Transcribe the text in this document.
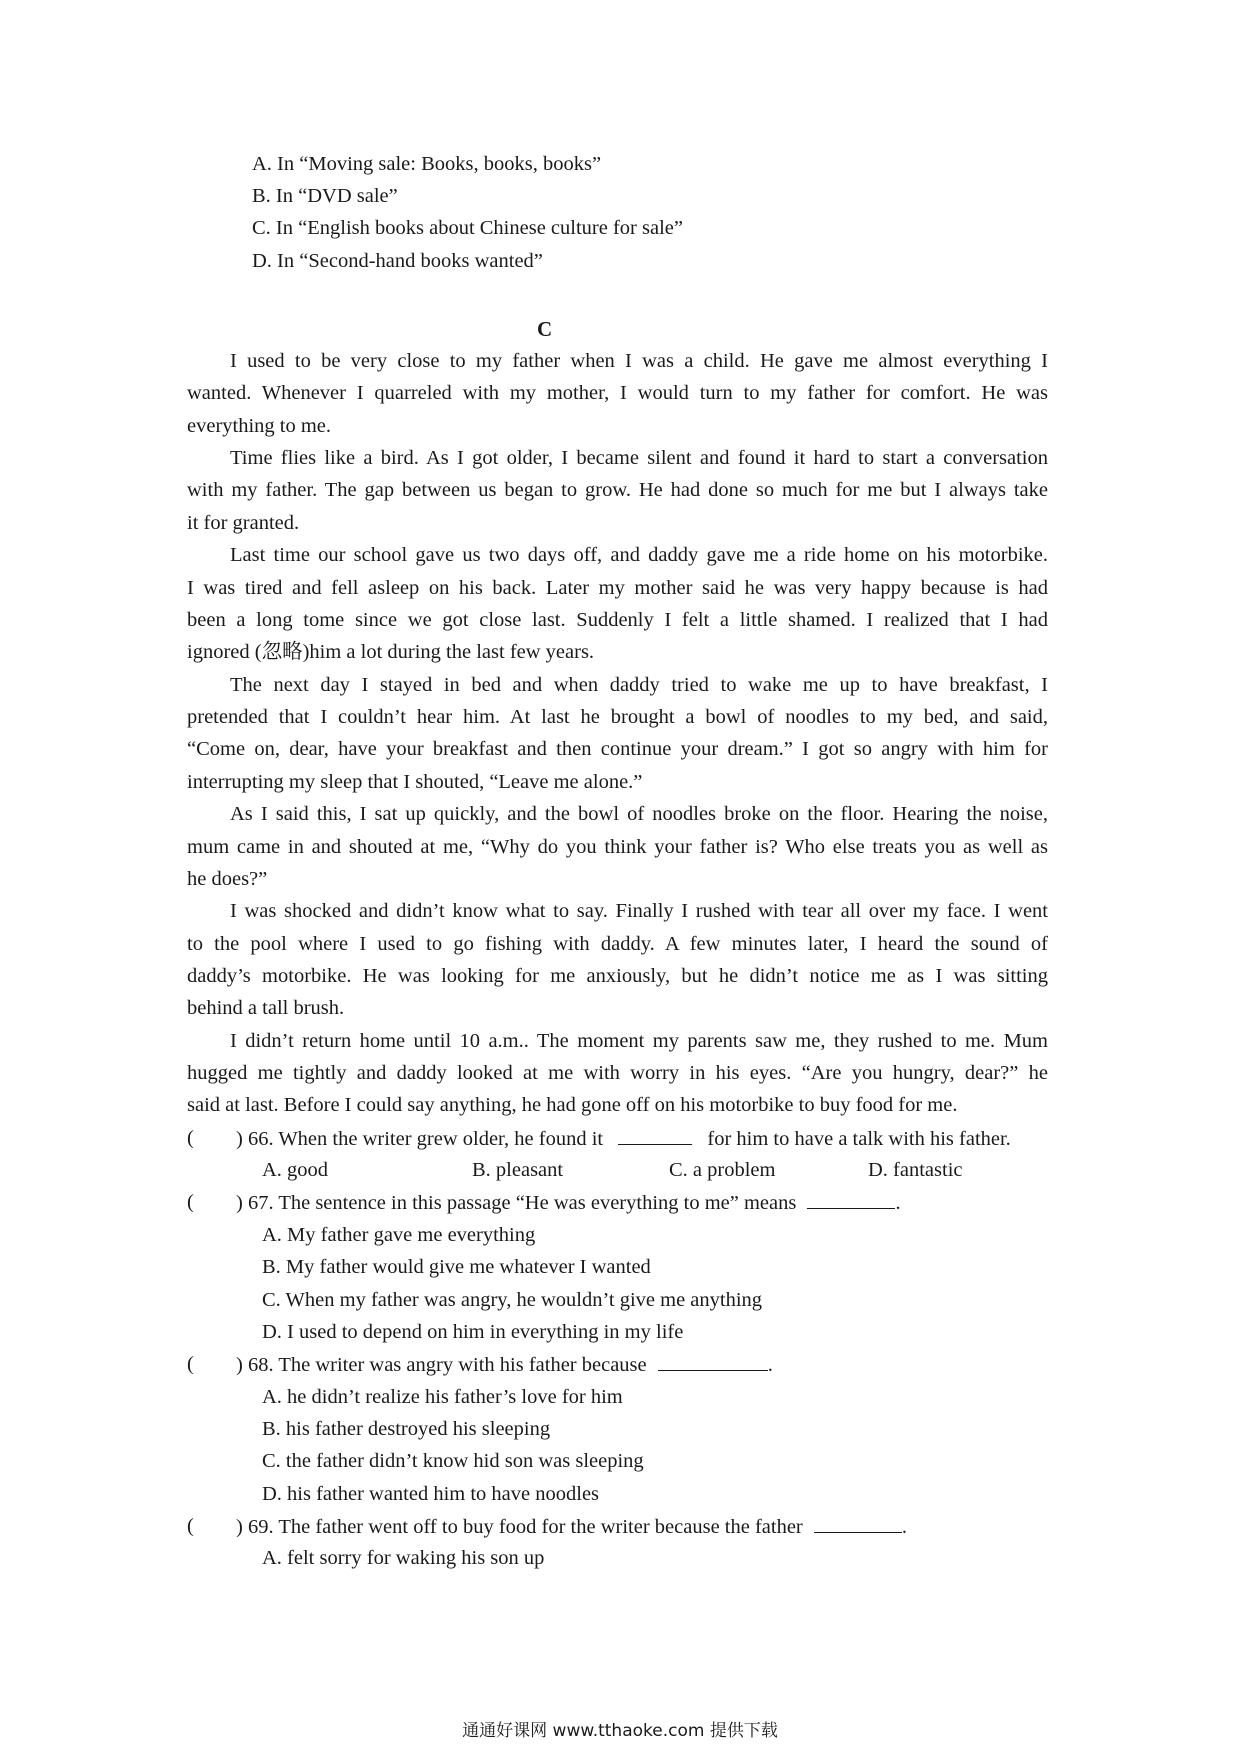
A. In “Moving sale: Books, books, books”
B. In “DVD sale”
C. In “English books about Chinese culture for sale”
D. In “Second-hand books wanted”
C
I used to be very close to my father when I was a child. He gave me almost everything I
wanted. Whenever I quarreled with my mother, I would turn to my father for comfort. He was
everything to me.
Time flies like a bird. As I got older, I became silent and found it hard to start a conversation
with my father. The gap between us began to grow. He had done so much for me but I always take
it for granted.
Last time our school gave us two days off, and daddy gave me a ride home on his motorbike.
I was tired and fell asleep on his back. Later my mother said he was very happy because is had
been a long tome since we got close last. Suddenly I felt a little shamed. I realized that I had
ignored (忽略)him a lot during the last few years.
The next day I stayed in bed and when daddy tried to wake me up to have breakfast, I
pretended that I couldn’t hear him. At last he brought a bowl of noodles to my bed, and said,
“Come on, dear, have your breakfast and then continue your dream.” I got so angry with him for
interrupting my sleep that I shouted, “Leave me alone.”
As I said this, I sat up quickly, and the bowl of noodles broke on the floor. Hearing the noise,
mum came in and shouted at me, “Why do you think your father is? Who else treats you as well as
he does?”
I was shocked and didn’t know what to say. Finally I rushed with tear all over my face. I went
to the pool where I used to go fishing with daddy. A few minutes later, I heard the sound of
daddy’s motorbike. He was looking for me anxiously, but he didn’t notice me as I was sitting
behind a tall brush.
I didn’t return home until 10 a.m.. The moment my parents saw me, they rushed to me. Mum
hugged me tightly and daddy looked at me with worry in his eyes. “Are you hungry, dear?” he
said at last. Before I could say anything, he had gone off on his motorbike to buy food for me.
( ) 66. When the writer grew older, he found it	for him to have a talk with his father.
A. good	B. pleasant	C. a problem	D. fantastic
( ) 67. The sentence in this passage “He was everything to me” means	.
A. My father gave me everything
B. My father would give me whatever I wanted
C. When my father was angry, he wouldn’t give me anything
D. I used to depend on him in everything in my life
( ) 68. The writer was angry with his father because	.
A. he didn’t realize his father’s love for him
B. his father destroyed his sleeping
C. the father didn’t know hid son was sleeping
D. his father wanted him to have noodles
( ) 69. The father went off to buy food for the writer because the father	.
A. felt sorry for waking his son up
通通好课网 www.tthaoke.com 提供下载
